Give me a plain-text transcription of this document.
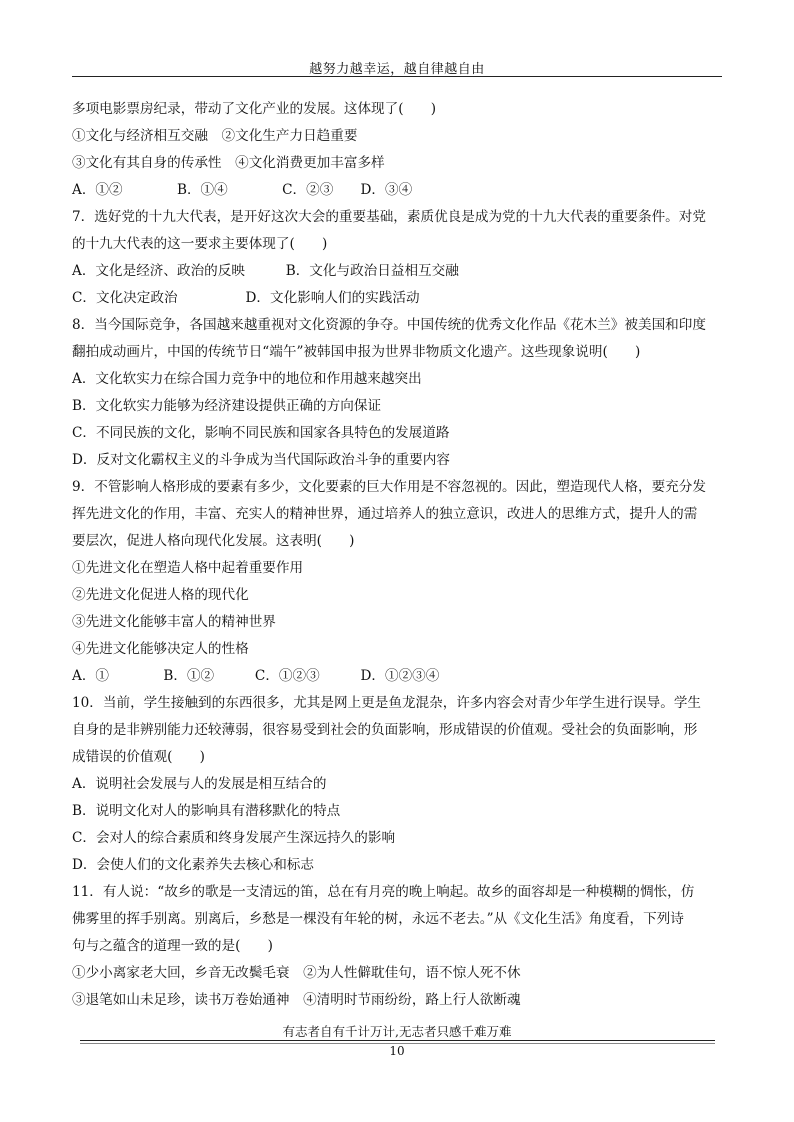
越努力越幸运，越自律越自由
多项电影票房纪录，带动了文化产业的发展。这体现了(　　)
①文化与经济相互交融　②文化生产力日趋重要
③文化有其自身的传承性　④文化消费更加丰富多样
A．①②　　　　B．①④　　　　C．②③　　D．③④
7．选好党的十九大代表，是开好这次大会的重要基础，素质优良是成为党的十九大代表的重要条件。对党
的十九大代表的这一要求主要体现了(　　)
A．文化是经济、政治的反映　　　B．文化与政治日益相互交融
C．文化决定政治　　　　　D．文化影响人们的实践活动
8．当今国际竞争，各国越来越重视对文化资源的争夺。中国传统的优秀文化作品《花木兰》被美国和印度
翻拍成动画片，中国的传统节日“端午”被韩国申报为世界非物质文化遗产。这些现象说明(　　)
A．文化软实力在综合国力竞争中的地位和作用越来越突出
B．文化软实力能够为经济建设提供正确的方向保证
C．不同民族的文化，影响不同民族和国家各具特色的发展道路
D．反对文化霸权主义的斗争成为当代国际政治斗争的重要内容
9．不管影响人格形成的要素有多少，文化要素的巨大作用是不容忽视的。因此，塑造现代人格，要充分发
挥先进文化的作用，丰富、充实人的精神世界，通过培养人的独立意识，改进人的思维方式，提升人的需
要层次，促进人格向现代化发展。这表明(　　)
①先进文化在塑造人格中起着重要作用
②先进文化促进人格的现代化
③先进文化能够丰富人的精神世界
④先进文化能够决定人的性格
A．①　　　　B．①②　　　C．①②③　　　D．①②③④
10．当前，学生接触到的东西很多，尤其是网上更是鱼龙混杂，许多内容会对青少年学生进行误导。学生
自身的是非辨别能力还较薄弱，很容易受到社会的负面影响，形成错误的价值观。受社会的负面影响，形
成错误的价值观(　　)
A．说明社会发展与人的发展是相互结合的
B．说明文化对人的影响具有潜移默化的特点
C．会对人的综合素质和终身发展产生深远持久的影响
D．会使人们的文化素养失去核心和标志
11．有人说：“故乡的歌是一支清远的笛，总在有月亮的晚上响起。故乡的面容却是一种模糊的惆怅，仿
佛雾里的挥手别离。别离后，乡愁是一棵没有年轮的树，永远不老去。”从《文化生活》角度看，下列诗
句与之蕴含的道理一致的是(　　)
①少小离家老大回，乡音无改鬓毛衰　②为人性僻耽佳句，语不惊人死不休
③退笔如山未足珍，读书万卷始通神　④清明时节雨纷纷，路上行人欲断魂
有志者自有千计万计,无志者只感千难万难
10
